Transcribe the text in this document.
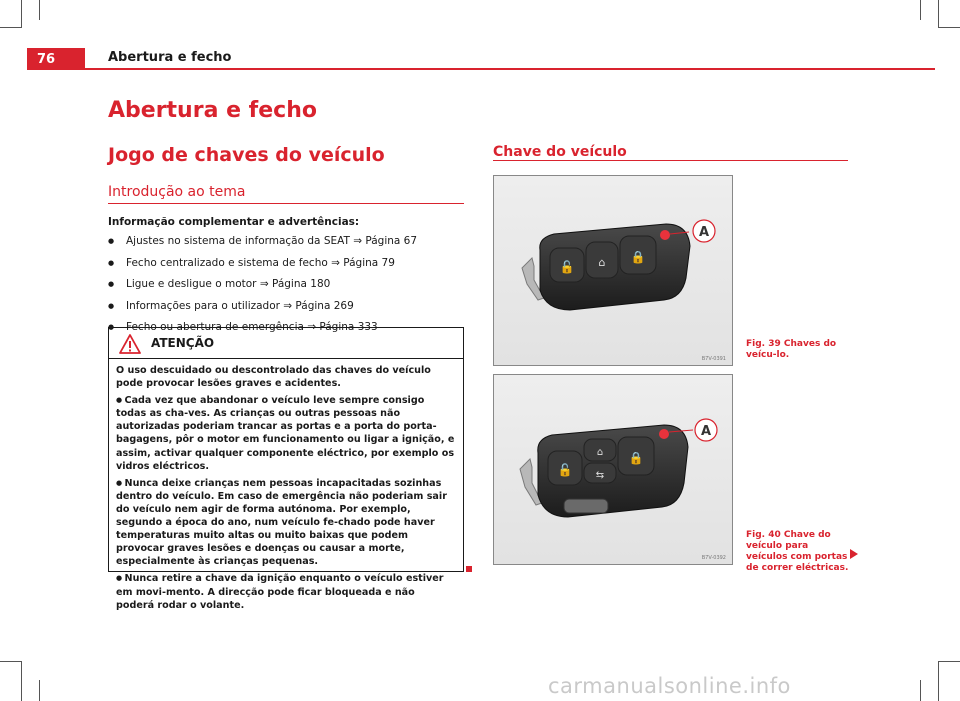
76	Abertura e fecho
Abertura e fecho
Jogo de chaves do veículo
Introdução ao tema
Informação complementar e advertências:
● Ajustes no sistema de informação da SEAT ⇒ Página 67
● Fecho centralizado e sistema de fecho ⇒ Página 79
● Ligue e desligue o motor ⇒ Página 180
● Informações para o utilizador ⇒ Página 269
● Fecho ou abertura de emergência ⇒ Página 333
ATENÇÃO

O uso descuidado ou descontrolado das chaves do veículo pode provocar lesões graves e acidentes.

● Cada vez que abandonar o veículo leve sempre consigo todas as cha-ves. As crianças ou outras pessoas não autorizadas poderiam trancar as portas e a porta do porta-bagagens, pôr o motor em funcionamento ou ligar a ignição, e assim, activar qualquer componente eléctrico, por exemplo os vidros eléctricos.

● Nunca deixe crianças nem pessoas incapacitadas sozinhas dentro do veículo. Em caso de emergência não poderiam sair do veículo nem agir de forma autónoma. Por exemplo, segundo a época do ano, num veículo fe-chado pode haver temperaturas muito altas ou muito baixas que podem provocar graves lesões e doenças ou causar a morte, especialmente às crianças pequenas.

● Nunca retire a chave da ignição enquanto o veículo estiver em movi-mento. A direcção pode ficar bloqueada e não poderá rodar o volante.

Chave do veículo
🔓 ⌂ 🔒
A
B7V-0391
Fig. 39 Chaves do veícu-lo.
🔓
⌂
⇆
🔒
A
B7V-0392
Fig. 40 Chave do veículo para veículos com portas de correr eléctricas.
carmanualsonline.info
